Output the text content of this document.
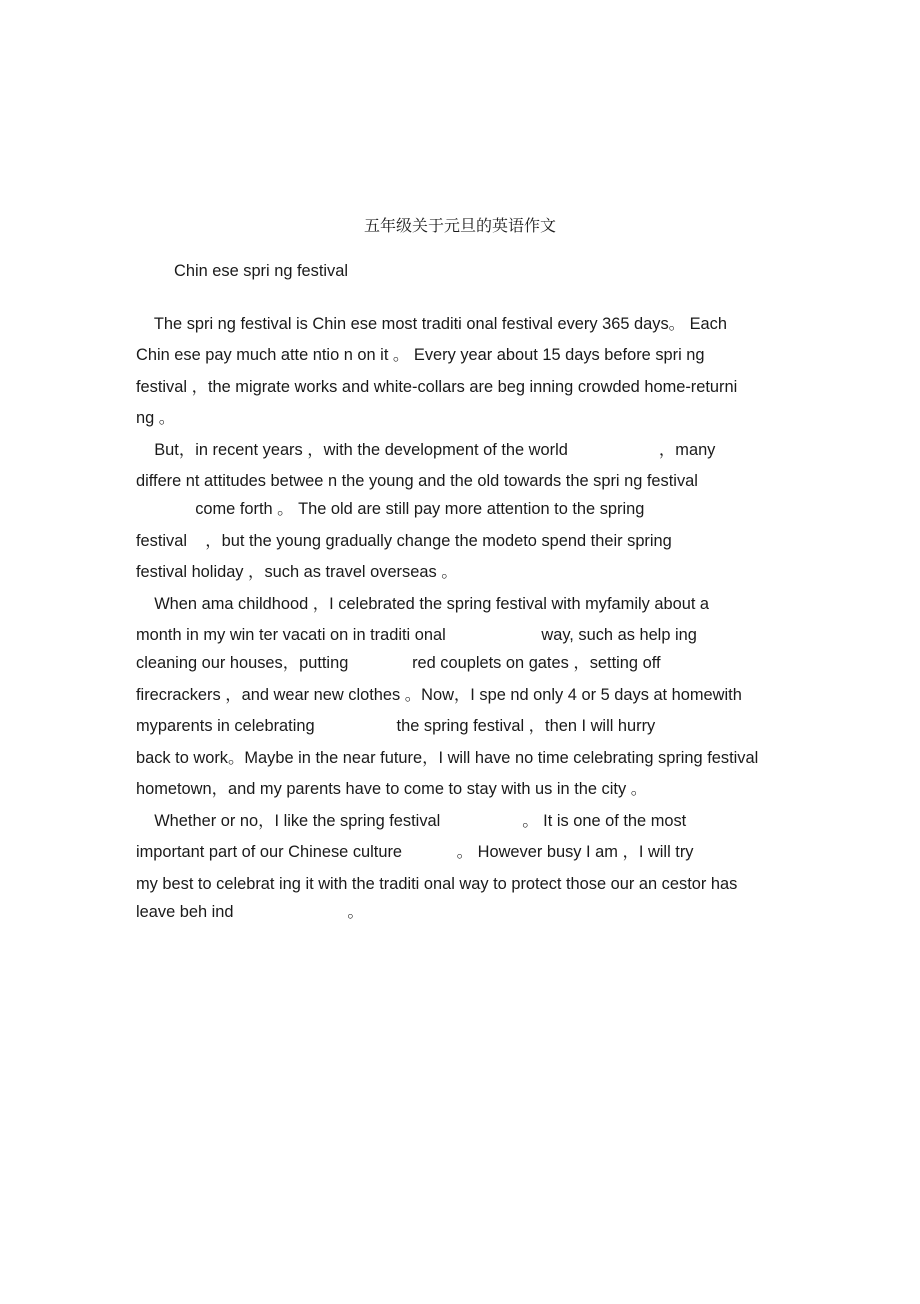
五年级关于元旦的英语作文
Chin ese spri ng festival
The spri ng festival is Chin ese most traditi onal festival every 365 days。 Each
Chin ese pay much atte ntio n on it 。 Every year about 15 days before spri ng
festival ，the migrate works and white-collars are beg inning crowded home-returni
ng 。
But，in recent years ，with the development of the world                    ，many
differe nt attitudes betwee n the young and the old towards the spri ng festival
come forth 。 The old are still pay more attention to the spring
festival    ，but the young gradually change the modeto spend their spring
festival holiday ，such as travel overseas 。
When ama childhood ，I celebrated the spring festival with myfamily about a
month in my win ter vacati on in traditi onal                     way, such as help ing
cleaning our houses，putting              red couplets on gates ，setting off
firecrackers ，and wear new clothes 。Now，I spe nd only 4 or 5 days at homewith
myparents in celebrating                  the spring festival ，then I will hurry
back to work。Maybe in the near future，I will have no time celebrating spring festival
hometown，and my parents have to come to stay with us in the city 。
Whether or no，I like the spring festival                  。 It is one of the most
important part of our Chinese culture            。 However busy I am ，I will try
my best to celebrat ing it with the traditi onal way to protect those our an cestor has
leave beh ind                         。
